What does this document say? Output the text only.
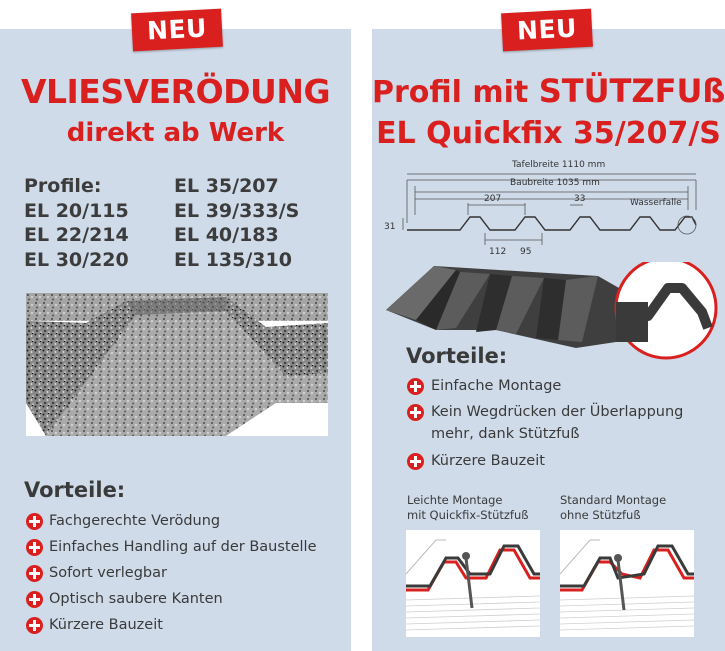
NEU	NEU
VLIESVERÖDUNG
direkt ab Werk
Profile:
EL 20/115
EL 22/214
EL 30/220
EL 35/207
EL 39/333/S
EL 40/183
EL 135/310
Vorteile:
Fachgerechte Verödung
Einfaches Handling auf der Baustelle
Sofort verlegbar
Optisch saubere Kanten
Kürzere Bauzeit
Profil mit STÜTZFUß
EL Quickfix 35/207/S
Tafelbreite 1110 mm
Baubreite 1035 mm
207	33	Wasserfalle
31
112 95
Vorteile:
Einfache Montage
Kein Wegdrücken der Überlappung
mehr, dank Stützfuß
Kürzere Bauzeit
Leichte Montage
mit Quickfix-Stützfuß
Standard Montage
ohne Stützfuß
